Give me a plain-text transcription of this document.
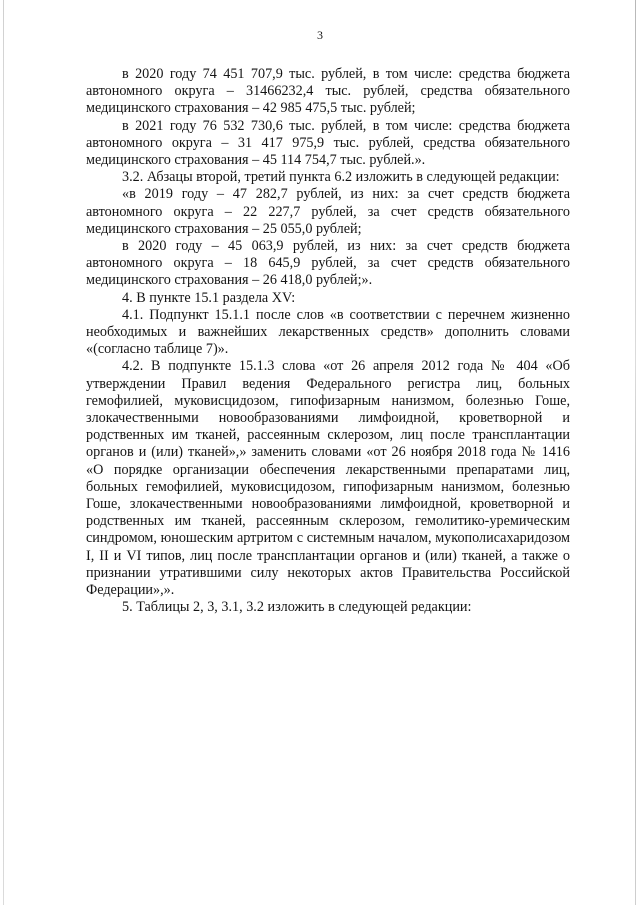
3

в 2020 году 74 451 707,9 тыс. рублей, в том числе: средства бюджета автономного округа – 31466232,4 тыс. рублей, средства обязательного медицинского страхования – 42 985 475,5 тыс. рублей;

в 2021 году 76 532 730,6 тыс. рублей, в том числе: средства бюджета автономного округа – 31 417 975,9 тыс. рублей, средства обязательного медицинского страхования – 45 114 754,7 тыс. рублей.».

3.2. Абзацы второй, третий пункта 6.2 изложить в следующей редакции:

«в 2019 году – 47 282,7 рублей, из них: за счет средств бюджета автономного округа – 22 227,7 рублей, за счет средств обязательного медицинского страхования – 25 055,0 рублей;

в 2020 году – 45 063,9 рублей, из них: за счет средств бюджета автономного округа – 18 645,9 рублей, за счет средств обязательного медицинского страхования – 26 418,0 рублей;».

4. В пункте 15.1 раздела XV:

4.1. Подпункт 15.1.1 после слов «в соответствии с перечнем жизненно необходимых и важнейших лекарственных средств» дополнить словами «(согласно таблице 7)».

4.2. В подпункте 15.1.3 слова «от 26 апреля 2012 года № 404 «Об утверждении Правил ведения Федерального регистра лиц, больных гемофилией, муковисцидозом, гипофизарным нанизмом, болезнью Гоше, злокачественными новообразованиями лимфоидной, кроветворной и родственных им тканей, рассеянным склерозом, лиц после трансплантации органов и (или) тканей»,» заменить словами «от 26 ноября 2018 года № 1416 «О порядке организации обеспечения лекарственными препаратами лиц, больных гемофилией, муковисцидозом, гипофизарным нанизмом, болезнью Гоше, злокачественными новообразованиями лимфоидной, кроветворной и родственных им тканей, рассеянным склерозом, гемолитико-уремическим синдромом, юношеским артритом с системным началом, мукополисахаридозом I, II и VI типов, лиц после трансплантации органов и (или) тканей, а также о признании утратившими силу некоторых актов Правительства Российской Федерации»,».

5. Таблицы 2, 3, 3.1, 3.2 изложить в следующей редакции:
